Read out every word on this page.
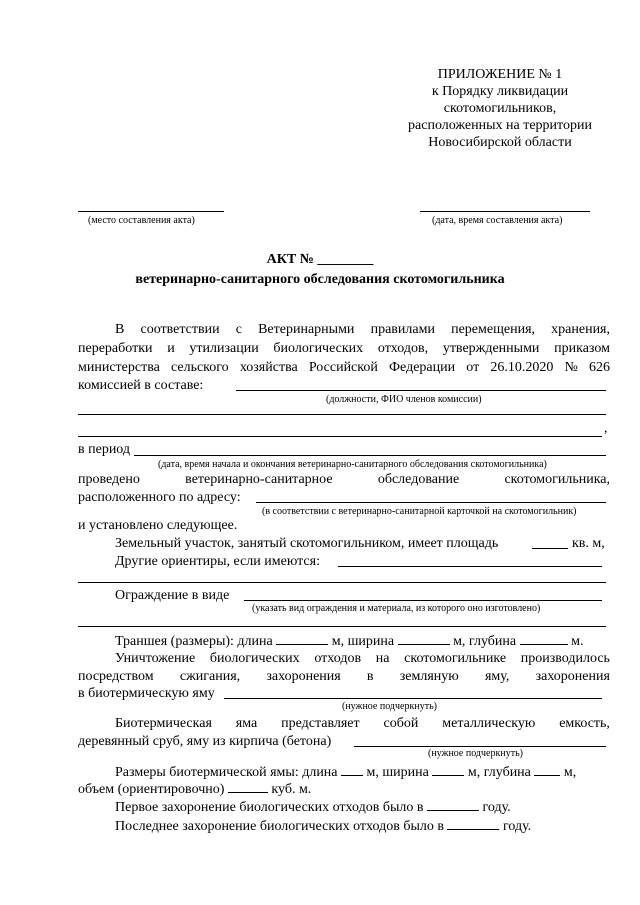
ПРИЛОЖЕНИЕ № 1
к Порядку ликвидации
скотомогильников,
расположенных на территории
Новосибирской области
(место составления акта)	(дата, время составления акта)
АКТ № ________
ветеринарно-санитарного обследования скотомогильника
В соответствии с Ветеринарными правилами перемещения, хранения,
переработки и утилизации биологических отходов, утвержденными приказом
министерства сельского хозяйства Российской Федерации от 26.10.2020 № 626
комиссией в составе:
(должности, ФИО членов комиссии)
,
в период
(дата, время начала и окончания ветеринарно-санитарного обследования скотомогильника)
проведено	ветеринарно-санитарное	обследование	скотомогильника,
расположенного по адресу:
(в соответствии с ветеринарно-санитарной карточкой на скотомогильник)
и установлено следующее.
Земельный участок, занятый скотомогильником, имеет площадь	кв. м,
Другие ориентиры, если имеются:
Ограждение в виде
(указать вид ограждения и материала, из которого оно изготовлено)
Траншея (размеры): длина	м, ширина	м, глубина	м.
Уничтожение биологических отходов на скотомогильнике производилось
посредством сжигания, захоронения в землянyю яму, захоронения
в биотермическую яму
(нужное подчеркнуть)
Биотермическая яма представляет собой металлическую емкость,
деревянный сруб, яму из кирпича (бетона)
(нужное подчеркнуть)
Размеры биотермической ямы: длина м, ширина	м, глубина м,
объем (ориентировочно)	куб. м.
Первое захоронение биологических отходов было в	году.
Последнее захоронение биологических отходов было в	году.
